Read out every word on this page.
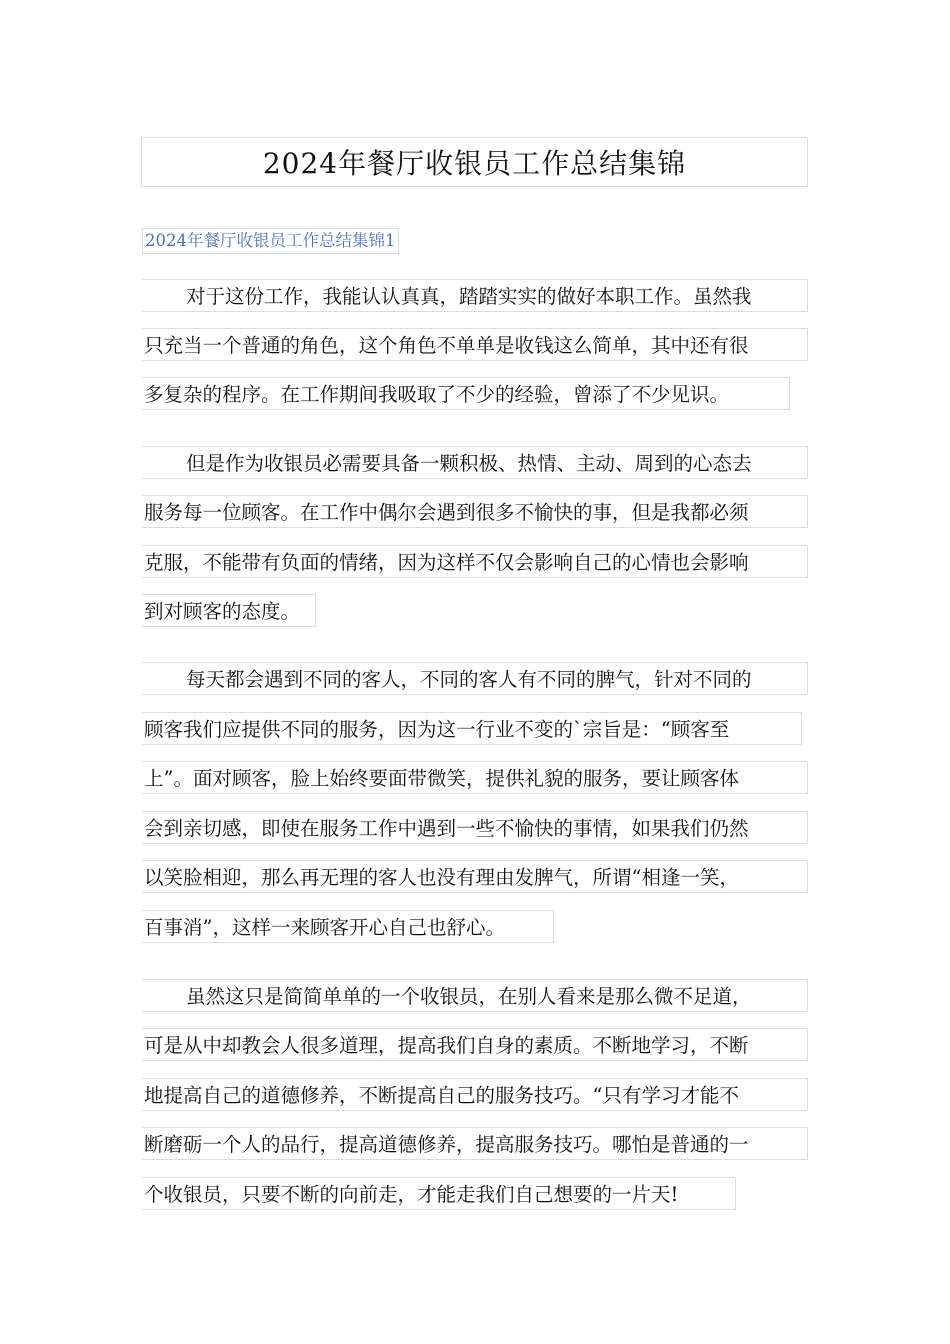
2024年餐厅收银员工作总结集锦
2024年餐厅收银员工作总结集锦1
对于这份工作，我能认认真真，踏踏实实的做好本职工作。虽然我
只充当一个普通的角色，这个角色不单单是收钱这么简单，其中还有很
多复杂的程序。在工作期间我吸取了不少的经验，曾添了不少见识。
但是作为收银员必需要具备一颗积极、热情、主动、周到的心态去
服务每一位顾客。在工作中偶尔会遇到很多不愉快的事，但是我都必须
克服，不能带有负面的情绪，因为这样不仅会影响自己的心情也会影响
到对顾客的态度。
每天都会遇到不同的客人，不同的客人有不同的脾气，针对不同的
顾客我们应提供不同的服务，因为这一行业不变的`宗旨是：“顾客至
上”。面对顾客，脸上始终要面带微笑，提供礼貌的服务，要让顾客体
会到亲切感，即使在服务工作中遇到一些不愉快的事情，如果我们仍然
以笑脸相迎，那么再无理的客人也没有理由发脾气，所谓“相逢一笑，
百事消”，这样一来顾客开心自己也舒心。
虽然这只是简简单单的一个收银员，在别人看来是那么微不足道，
可是从中却教会人很多道理，提高我们自身的素质。不断地学习，不断
地提高自己的道德修养，不断提高自己的服务技巧。“只有学习才能不
断磨砺一个人的品行，提高道德修养，提高服务技巧。哪怕是普通的一
个收银员，只要不断的向前走，才能走我们自己想要的一片天!
